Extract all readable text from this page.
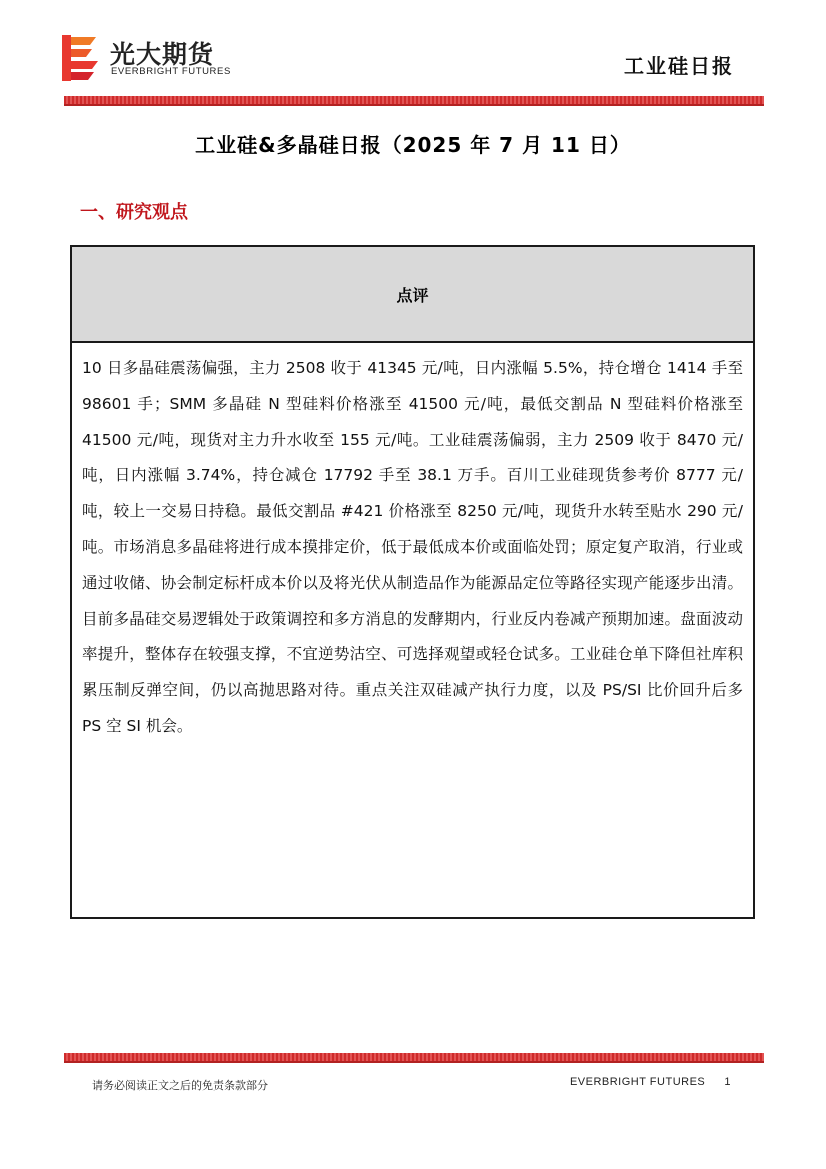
光大期货
EVERBRIGHT FUTURES	工业硅日报
工业硅&多晶硅日报（2025 年 7 月 11 日）
一、研究观点
点评
10 日多晶硅震荡偏强，主力 2508 收于 41345 元/吨，日内涨幅 5.5%，持仓增仓 1414 手至 98601 手；SMM 多晶硅 N 型硅料价格涨至 41500 元/吨，最低交割品 N 型硅料价格涨至 41500 元/吨，现货对主力升水收至 155 元/吨。工业硅震荡偏弱，主力 2509 收于 8470 元/吨，日内涨幅 3.74%，持仓减仓 17792 手至 38.1 万手。百川工业硅现货参考价 8777 元/吨，较上一交易日持稳。最低交割品 #421 价格涨至 8250 元/吨，现货升水转至贴水 290 元/吨。市场消息多晶硅将进行成本摸排定价，低于最低成本价或面临处罚；原定复产取消，行业或通过收储、协会制定标杆成本价以及将光伏从制造品作为能源品定位等路径实现产能逐步出清。目前多晶硅交易逻辑处于政策调控和多方消息的发酵期内，行业反内卷减产预期加速。盘面波动率提升，整体存在较强支撑，不宜逆势沽空、可选择观望或轻仓试多。工业硅仓单下降但社库积累压制反弹空间，仍以高抛思路对待。重点关注双硅减产执行力度，以及 PS/SI 比价回升后多 PS 空 SI 机会。
请务必阅读正文之后的免责条款部分	EVERBRIGHT FUTURES 1
